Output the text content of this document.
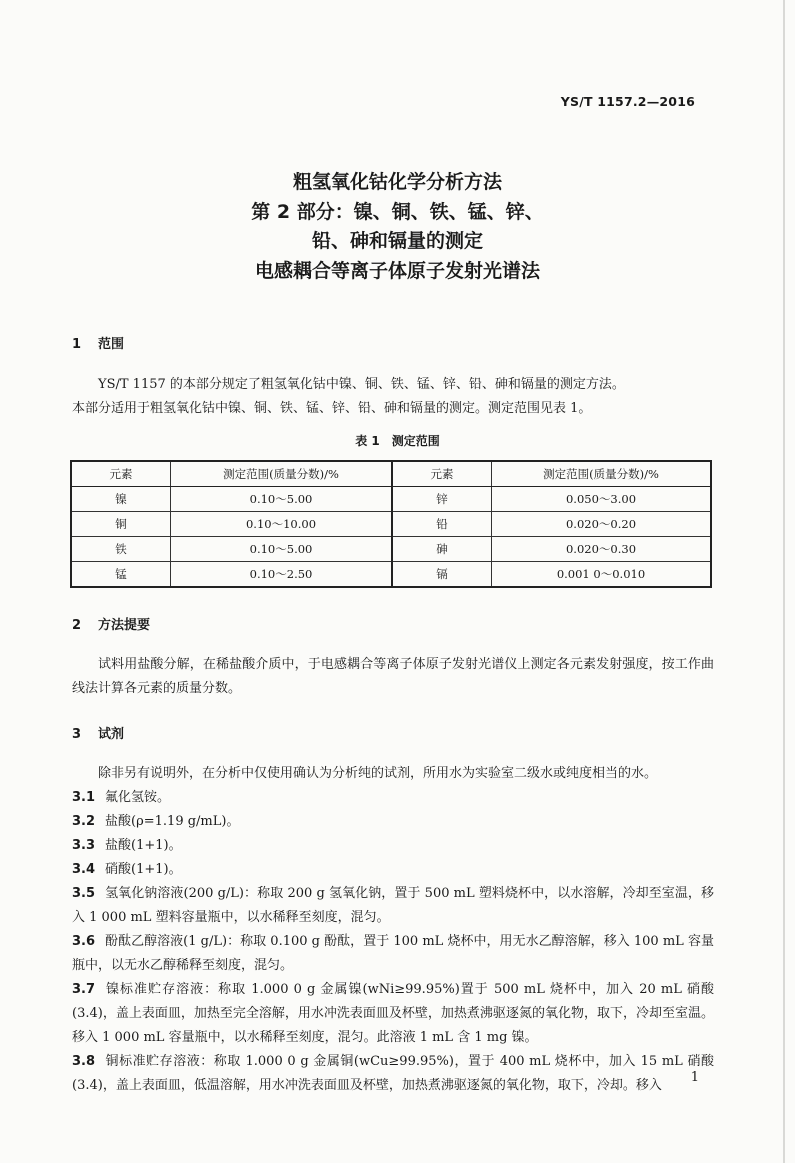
YS/T 1157.2—2016
粗氢氧化钴化学分析方法
第 2 部分：镍、铜、铁、锰、锌、
铅、砷和镉量的测定
电感耦合等离子体原子发射光谱法
1 范围
YS/T 1157 的本部分规定了粗氢氧化钴中镍、铜、铁、锰、锌、铅、砷和镉量的测定方法。
本部分适用于粗氢氧化钴中镍、铜、铁、锰、锌、铅、砷和镉量的测定。测定范围见表 1。
表 1　测定范围
元素	测定范围(质量分数)/%	元素	测定范围(质量分数)/%
镍	0.10～5.00	锌	0.050～3.00
铜	0.10～10.00	铅	0.020～0.20
铁	0.10～5.00	砷	0.020～0.30
锰	0.10～2.50	镉	0.001 0～0.010
2 方法提要
试料用盐酸分解，在稀盐酸介质中，于电感耦合等离子体原子发射光谱仪上测定各元素发射强度，按工作曲线法计算各元素的质量分数。
3 试剂
除非另有说明外，在分析中仅使用确认为分析纯的试剂，所用水为实验室二级水或纯度相当的水。
3.1 氟化氢铵。
3.2 盐酸(ρ=1.19 g/mL)。
3.3 盐酸(1+1)。
3.4 硝酸(1+1)。
3.5 氢氧化钠溶液(200 g/L)：称取 200 g 氢氧化钠，置于 500 mL 塑料烧杯中，以水溶解，冷却至室温，移入 1 000 mL 塑料容量瓶中，以水稀释至刻度，混匀。
3.6 酚酞乙醇溶液(1 g/L)：称取 0.100 g 酚酞，置于 100 mL 烧杯中，用无水乙醇溶解，移入 100 mL 容量瓶中，以无水乙醇稀释至刻度，混匀。
3.7 镍标准贮存溶液：称取 1.000 0 g 金属镍(wNi≥99.95%)置于 500 mL 烧杯中，加入 20 mL 硝酸(3.4)，盖上表面皿，加热至完全溶解，用水冲洗表面皿及杯壁，加热煮沸驱逐氮的氧化物，取下，冷却至室温。移入 1 000 mL 容量瓶中，以水稀释至刻度，混匀。此溶液 1 mL 含 1 mg 镍。
3.8 铜标准贮存溶液：称取 1.000 0 g 金属铜(wCu≥99.95%)，置于 400 mL 烧杯中，加入 15 mL 硝酸(3.4)，盖上表面皿，低温溶解，用水冲洗表面皿及杯壁，加热煮沸驱逐氮的氧化物，取下，冷却。移入
1
